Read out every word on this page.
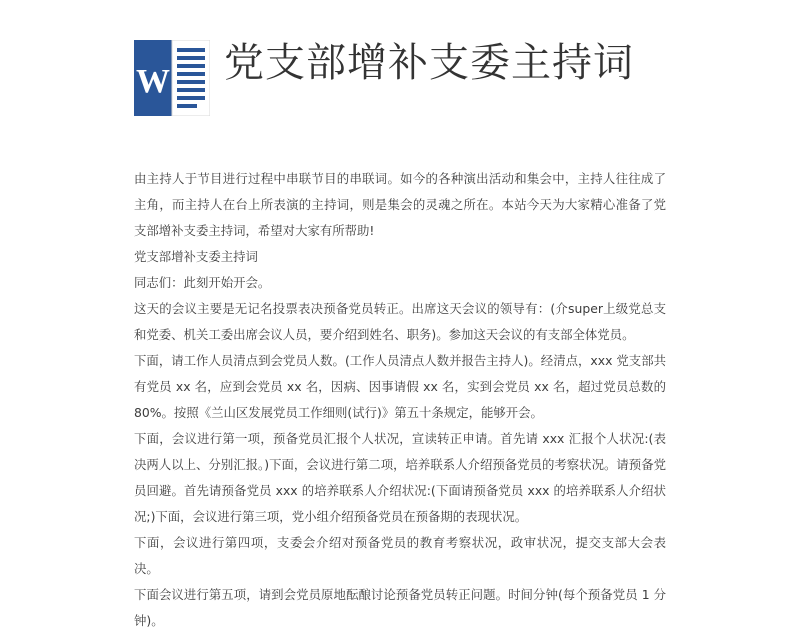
W 党支部增补支委主持词

由主持人于节目进行过程中串联节目的串联词。如今的各种演出活动和集会中，主持人往往成了主角，而主持人在台上所表演的主持词，则是集会的灵魂之所在。本站今天为大家精心准备了党支部增补支委主持词，希望对大家有所帮助!

党支部增补支委主持词

同志们：此刻开始开会。

这天的会议主要是无记名投票表决预备党员转正。出席这天会议的领导有：(介super上级党总支和党委、机关工委出席会议人员，要介绍到姓名、职务)。参加这天会议的有支部全体党员。

下面，请工作人员清点到会党员人数。(工作人员清点人数并报告主持人)。经清点，xxx 党支部共有党员 xx 名，应到会党员 xx 名，因病、因事请假 xx 名，实到会党员 xx 名，超过党员总数的 80%。按照《兰山区发展党员工作细则(试行)》第五十条规定，能够开会。

下面，会议进行第一项，预备党员汇报个人状况，宣读转正申请。首先请 xxx 汇报个人状况:(表决两人以上、分别汇报。)下面，会议进行第二项，培养联系人介绍预备党员的考察状况。请预备党员回避。首先请预备党员 xxx 的培养联系人介绍状况:(下面请预备党员 xxx 的培养联系人介绍状况;)下面，会议进行第三项，党小组介绍预备党员在预备期的表现状况。

下面，会议进行第四项，支委会介绍对预备党员的教育考察状况，政审状况，提交支部大会表决。

下面会议进行第五项，请到会党员原地酝酿讨论预备党员转正问题。时间分钟(每个预备党员 1 分钟)。
